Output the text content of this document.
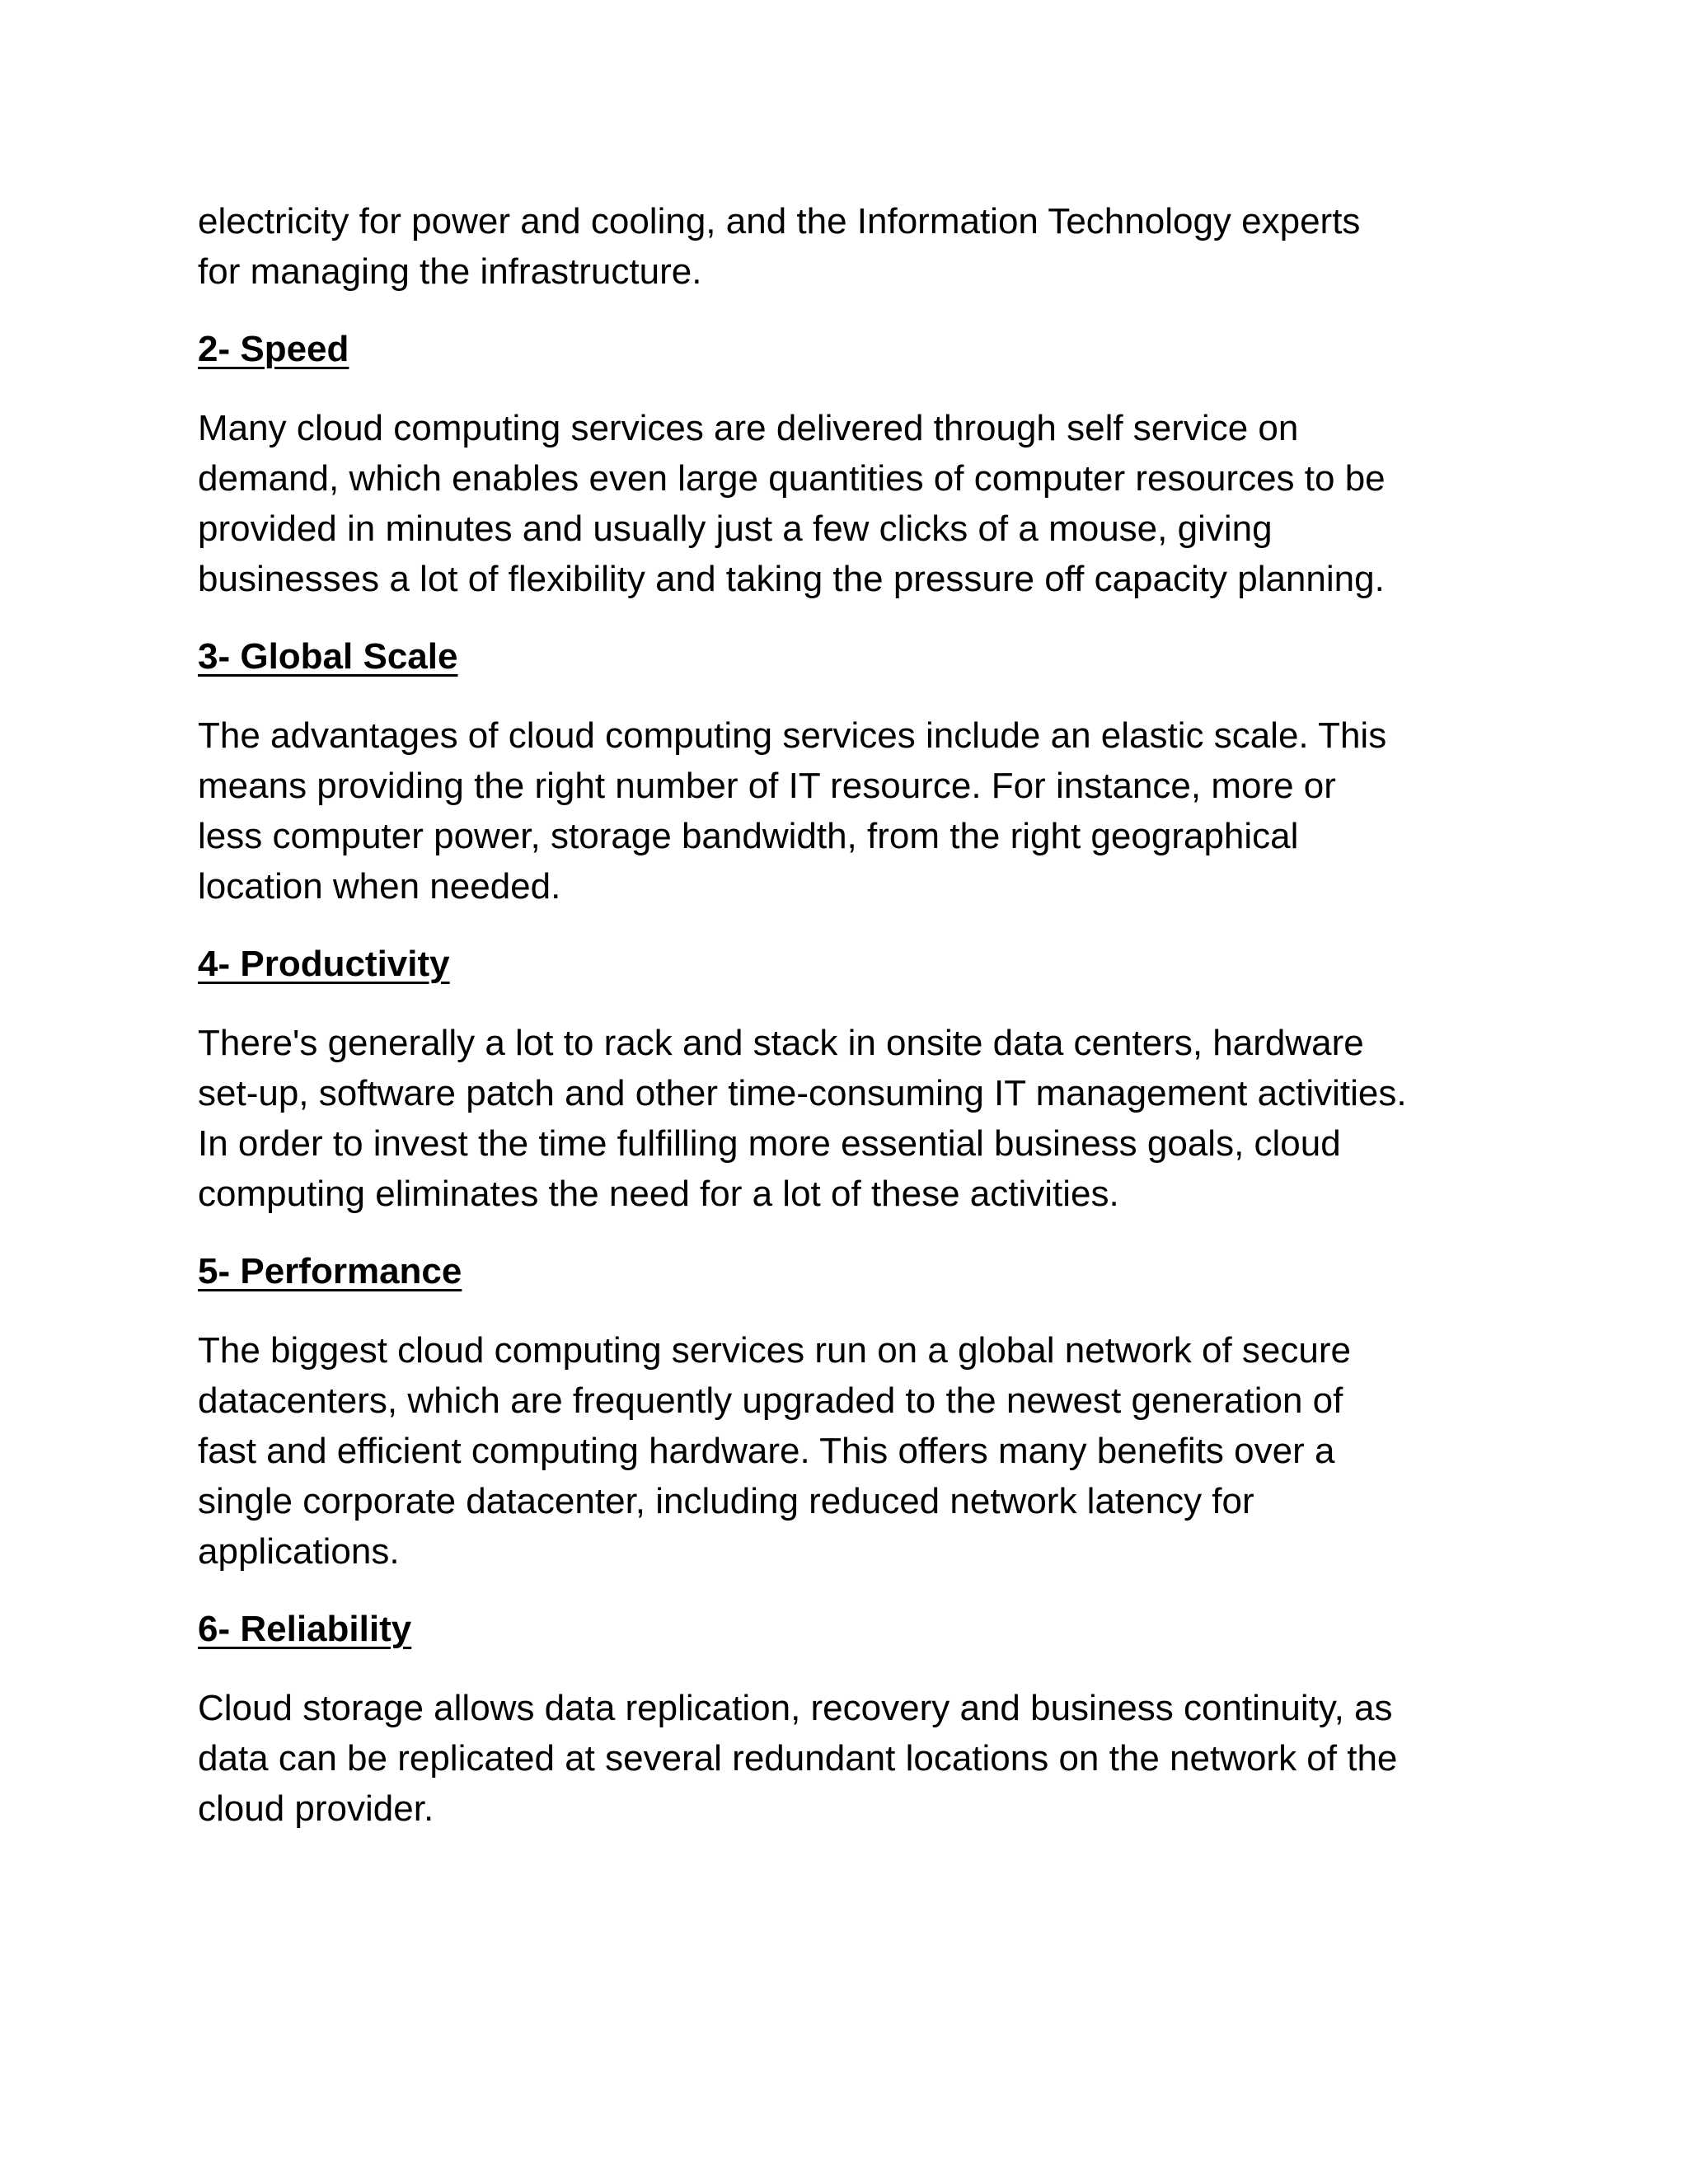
electricity for power and cooling, and the Information Technology experts
for managing the infrastructure.

2- Speed

Many cloud computing services are delivered through self service on
demand, which enables even large quantities of computer resources to be
provided in minutes and usually just a few clicks of a mouse, giving
businesses a lot of flexibility and taking the pressure off capacity planning.

3- Global Scale

The advantages of cloud computing services include an elastic scale. This
means providing the right number of IT resource. For instance, more or
less computer power, storage bandwidth, from the right geographical
location when needed.

4- Productivity

There's generally a lot to rack and stack in onsite data centers, hardware
set-up, software patch and other time-consuming IT management activities.
In order to invest the time fulfilling more essential business goals, cloud
computing eliminates the need for a lot of these activities.

5- Performance

The biggest cloud computing services run on a global network of secure
datacenters, which are frequently upgraded to the newest generation of
fast and efficient computing hardware. This offers many benefits over a
single corporate datacenter, including reduced network latency for
applications.

6- Reliability

Cloud storage allows data replication, recovery and business continuity, as
data can be replicated at several redundant locations on the network of the
cloud provider.
